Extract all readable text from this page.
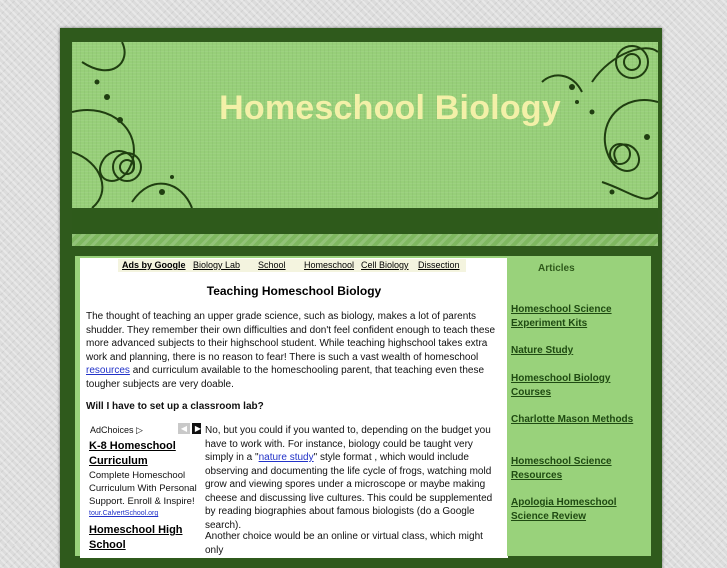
Homeschool Biology
Ads by Google Biology Lab School Homeschool Cell Biology Dissection
Teaching Homeschool Biology

The thought of teaching an upper grade science, such as biology, makes a lot of parents shudder. They remember their own difficulties and don't feel confident enough to teach these more advanced subjects to their highschool student. While teaching highschool takes extra work and planning, there is no reason to fear! There is such a vast wealth of homeschool
resources and curriculum available to the homeschooling parent, that teaching even these tougher subjects are very doable.

Will I have to set up a classroom lab?

AdChoices ▷	◀ ▶
K-8 Homeschool Curriculum
Complete Homeschool Curriculum With Personal Support. Enroll & Inspire!
tour.CalvertSchool.org
Homeschool High School

No, but you could if you wanted to, depending on the budget you have to work with. For instance, biology could be taught very simply in a "nature study" style format , which would include observing and documenting the life cycle of frogs, watching mold grow and viewing spores under a microscope or maybe making cheese and discussing live cultures. This could be supplemented by reading biographies about famous biologists (do a Google search).

Another choice would be an online or virtual class, which might only

Articles
Homeschool Science Experiment Kits
Nature Study
Homeschool Biology Courses
Charlotte Mason Methods
Homeschool Science Resources
Apologia Homeschool Science Review
